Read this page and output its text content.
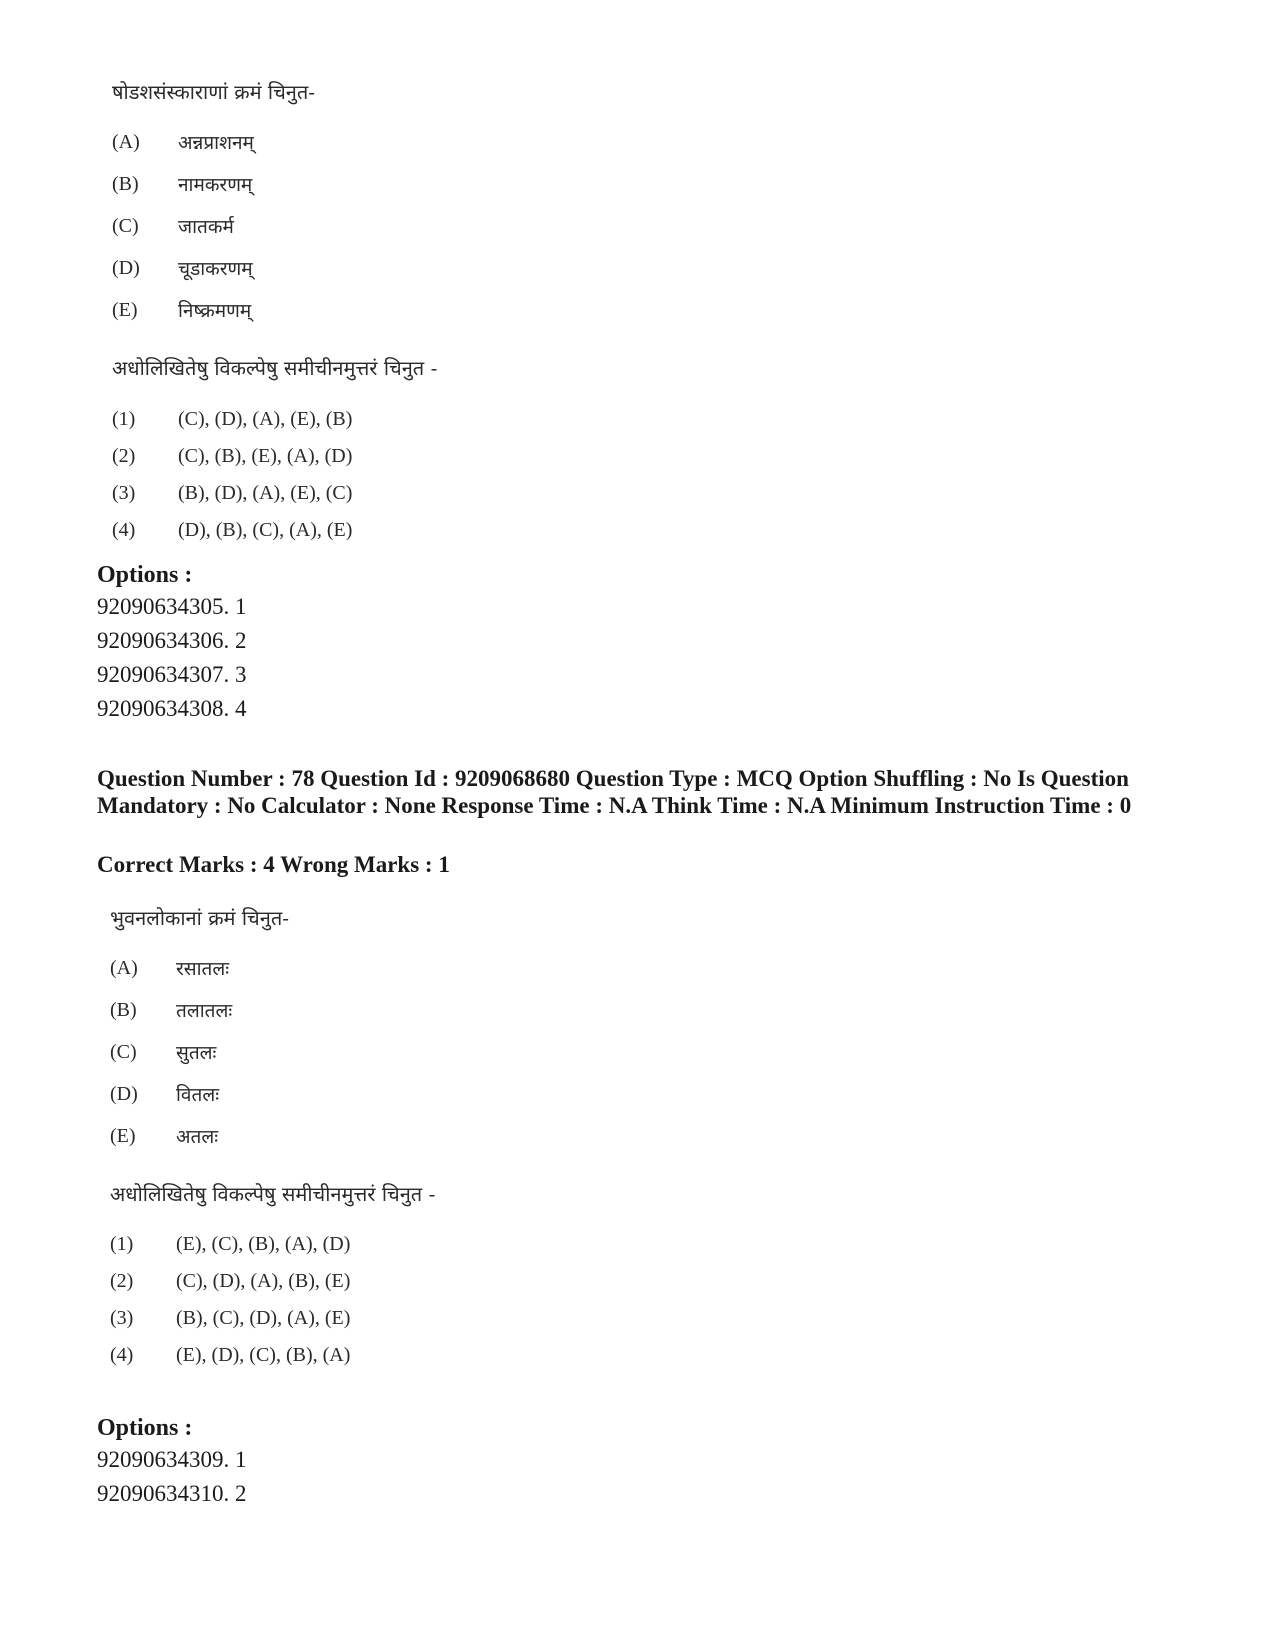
षोडशसंस्काराणां क्रमं चिनुत-

(A)	अन्नप्राशनम्
(B)	नामकरणम्
(C)	जातकर्म
(D)	चूडाकरणम्
(E)	निष्क्रमणम्

अधोलिखितेषु विकल्पेषु समीचीनमुत्तरं चिनुत -

(1)	(C), (D), (A), (E), (B)
(2)	(C), (B), (E), (A), (D)
(3)	(B), (D), (A), (E), (C)
(4)	(D), (B), (C), (A), (E)

Options :

92090634305. 1
92090634306. 2
92090634307. 3
92090634308. 4

Question Number : 78 Question Id : 9209068680 Question Type : MCQ Option Shuffling : No Is Question Mandatory : No Calculator : None Response Time : N.A Think Time : N.A Minimum Instruction Time : 0

Correct Marks : 4 Wrong Marks : 1

भुवनलोकानां क्रमं चिनुत-

(A)	रसातलः
(B)	तलातलः
(C)	सुतलः
(D)	वितलः
(E)	अतलः

अधोलिखितेषु विकल्पेषु समीचीनमुत्तरं चिनुत -

(1)	(E), (C), (B), (A), (D)
(2)	(C), (D), (A), (B), (E)
(3)	(B), (C), (D), (A), (E)
(4)	(E), (D), (C), (B), (A)

Options :

92090634309. 1
92090634310. 2
